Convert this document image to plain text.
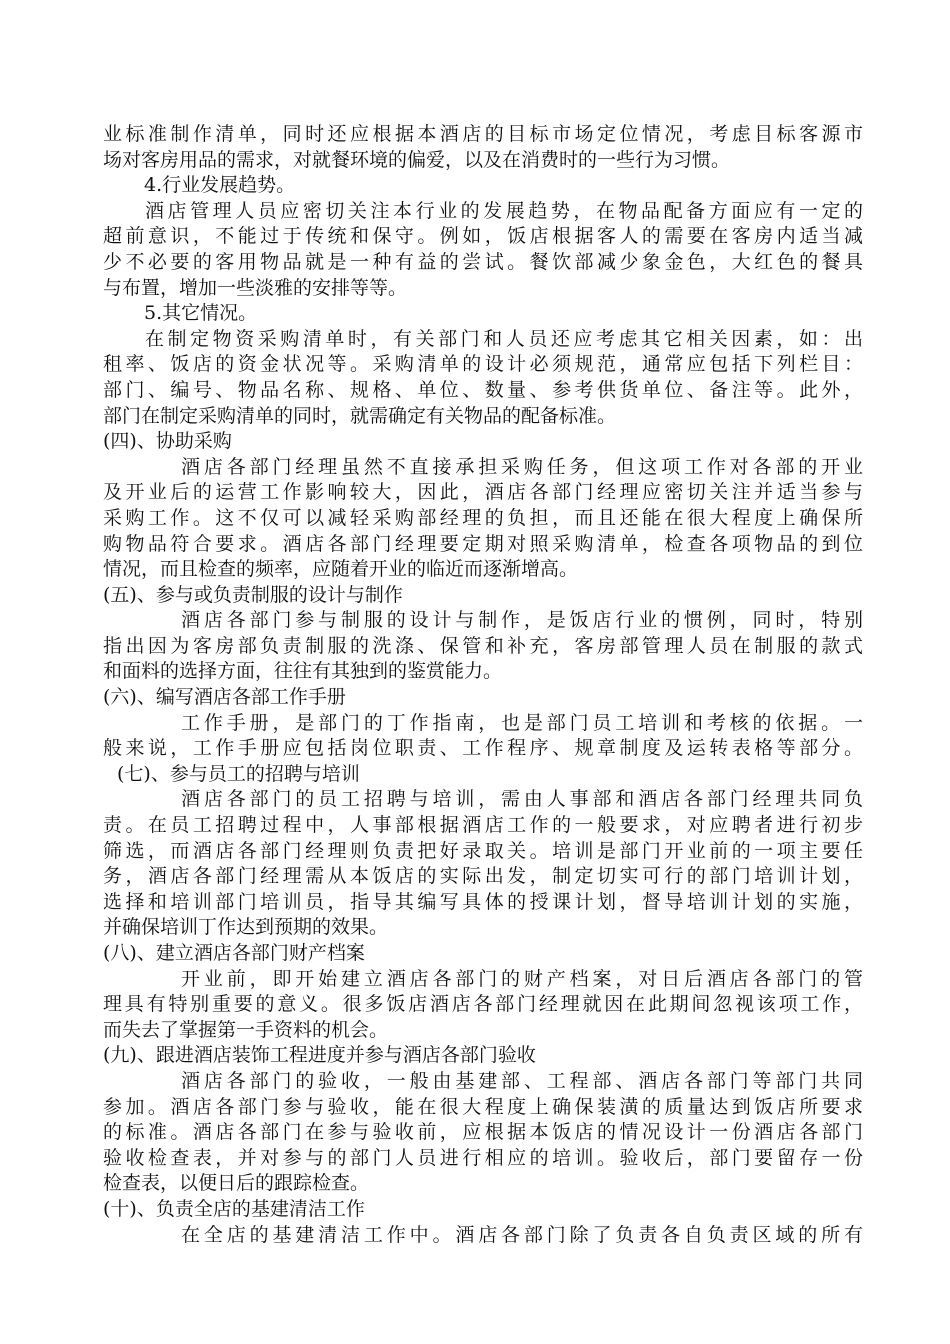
业标准制作清单，同时还应根据本酒店的目标市场定位情况，考虑目标客源市
场对客房用品的需求，对就餐环境的偏爱，以及在消费时的一些行为习惯。
4.行业发展趋势。
酒店管理人员应密切关注本行业的发展趋势，在物品配备方面应有一定的
超前意识，不能过于传统和保守。例如，饭店根据客人的需要在客房内适当减
少不必要的客用物品就是一种有益的尝试。餐饮部减少象金色，大红色的餐具
与布置，增加一些淡雅的安排等等。
5.其它情况。
在制定物资采购清单时，有关部门和人员还应考虑其它相关因素，如：出
租率、饭店的资金状况等。采购清单的设计必须规范，通常应包括下列栏目：
部门、编号、物品名称、规格、单位、数量、参考供货单位、备注等。此外，
部门在制定采购清单的同时，就需确定有关物品的配备标准。
(四)、协助采购
酒店各部门经理虽然不直接承担采购任务，但这项工作对各部的开业
及开业后的运营工作影响较大，因此，酒店各部门经理应密切关注并适当参与
采购工作。这不仅可以减轻采购部经理的负担，而且还能在很大程度上确保所
购物品符合要求。酒店各部门经理要定期对照采购清单，检查各项物品的到位
情况，而且检查的频率，应随着开业的临近而逐渐增高。
(五)、参与或负责制服的设计与制作
酒店各部门参与制服的设计与制作，是饭店行业的惯例，同时，特别
指出因为客房部负责制服的洗涤、保管和补充，客房部管理人员在制服的款式
和面料的选择方面，往往有其独到的鉴赏能力。
(六)、编写酒店各部工作手册
工作手册，是部门的丁作指南，也是部门员工培训和考核的依据。一
般来说，工作手册应包括岗位职责、工作程序、规章制度及运转表格等部分。
(七)、参与员工的招聘与培训
酒店各部门的员工招聘与培训，需由人事部和酒店各部门经理共同负
责。在员工招聘过程中，人事部根据酒店工作的一般要求，对应聘者进行初步
筛选，而酒店各部门经理则负责把好录取关。培训是部门开业前的一项主要任
务，酒店各部门经理需从本饭店的实际出发，制定切实可行的部门培训计划，
选择和培训部门培训员，指导其编写具体的授课计划，督导培训计划的实施，
并确保培训丁作达到预期的效果。
(八)、建立酒店各部门财产档案
开业前，即开始建立酒店各部门的财产档案，对日后酒店各部门的管
理具有特别重要的意义。很多饭店酒店各部门经理就因在此期间忽视该项工作，
而失去了掌握第一手资料的机会。
(九)、跟进酒店装饰工程进度并参与酒店各部门验收
酒店各部门的验收，一般由基建部、工程部、酒店各部门等部门共同
参加。酒店各部门参与验收，能在很大程度上确保装潢的质量达到饭店所要求
的标准。酒店各部门在参与验收前，应根据本饭店的情况设计一份酒店各部门
验收检查表，并对参与的部门人员进行相应的培训。验收后，部门要留存一份
检查表，以便日后的跟踪检查。
(十)、负责全店的基建清洁工作
在全店的基建清洁工作中。酒店各部门除了负责各自负责区域的所有
